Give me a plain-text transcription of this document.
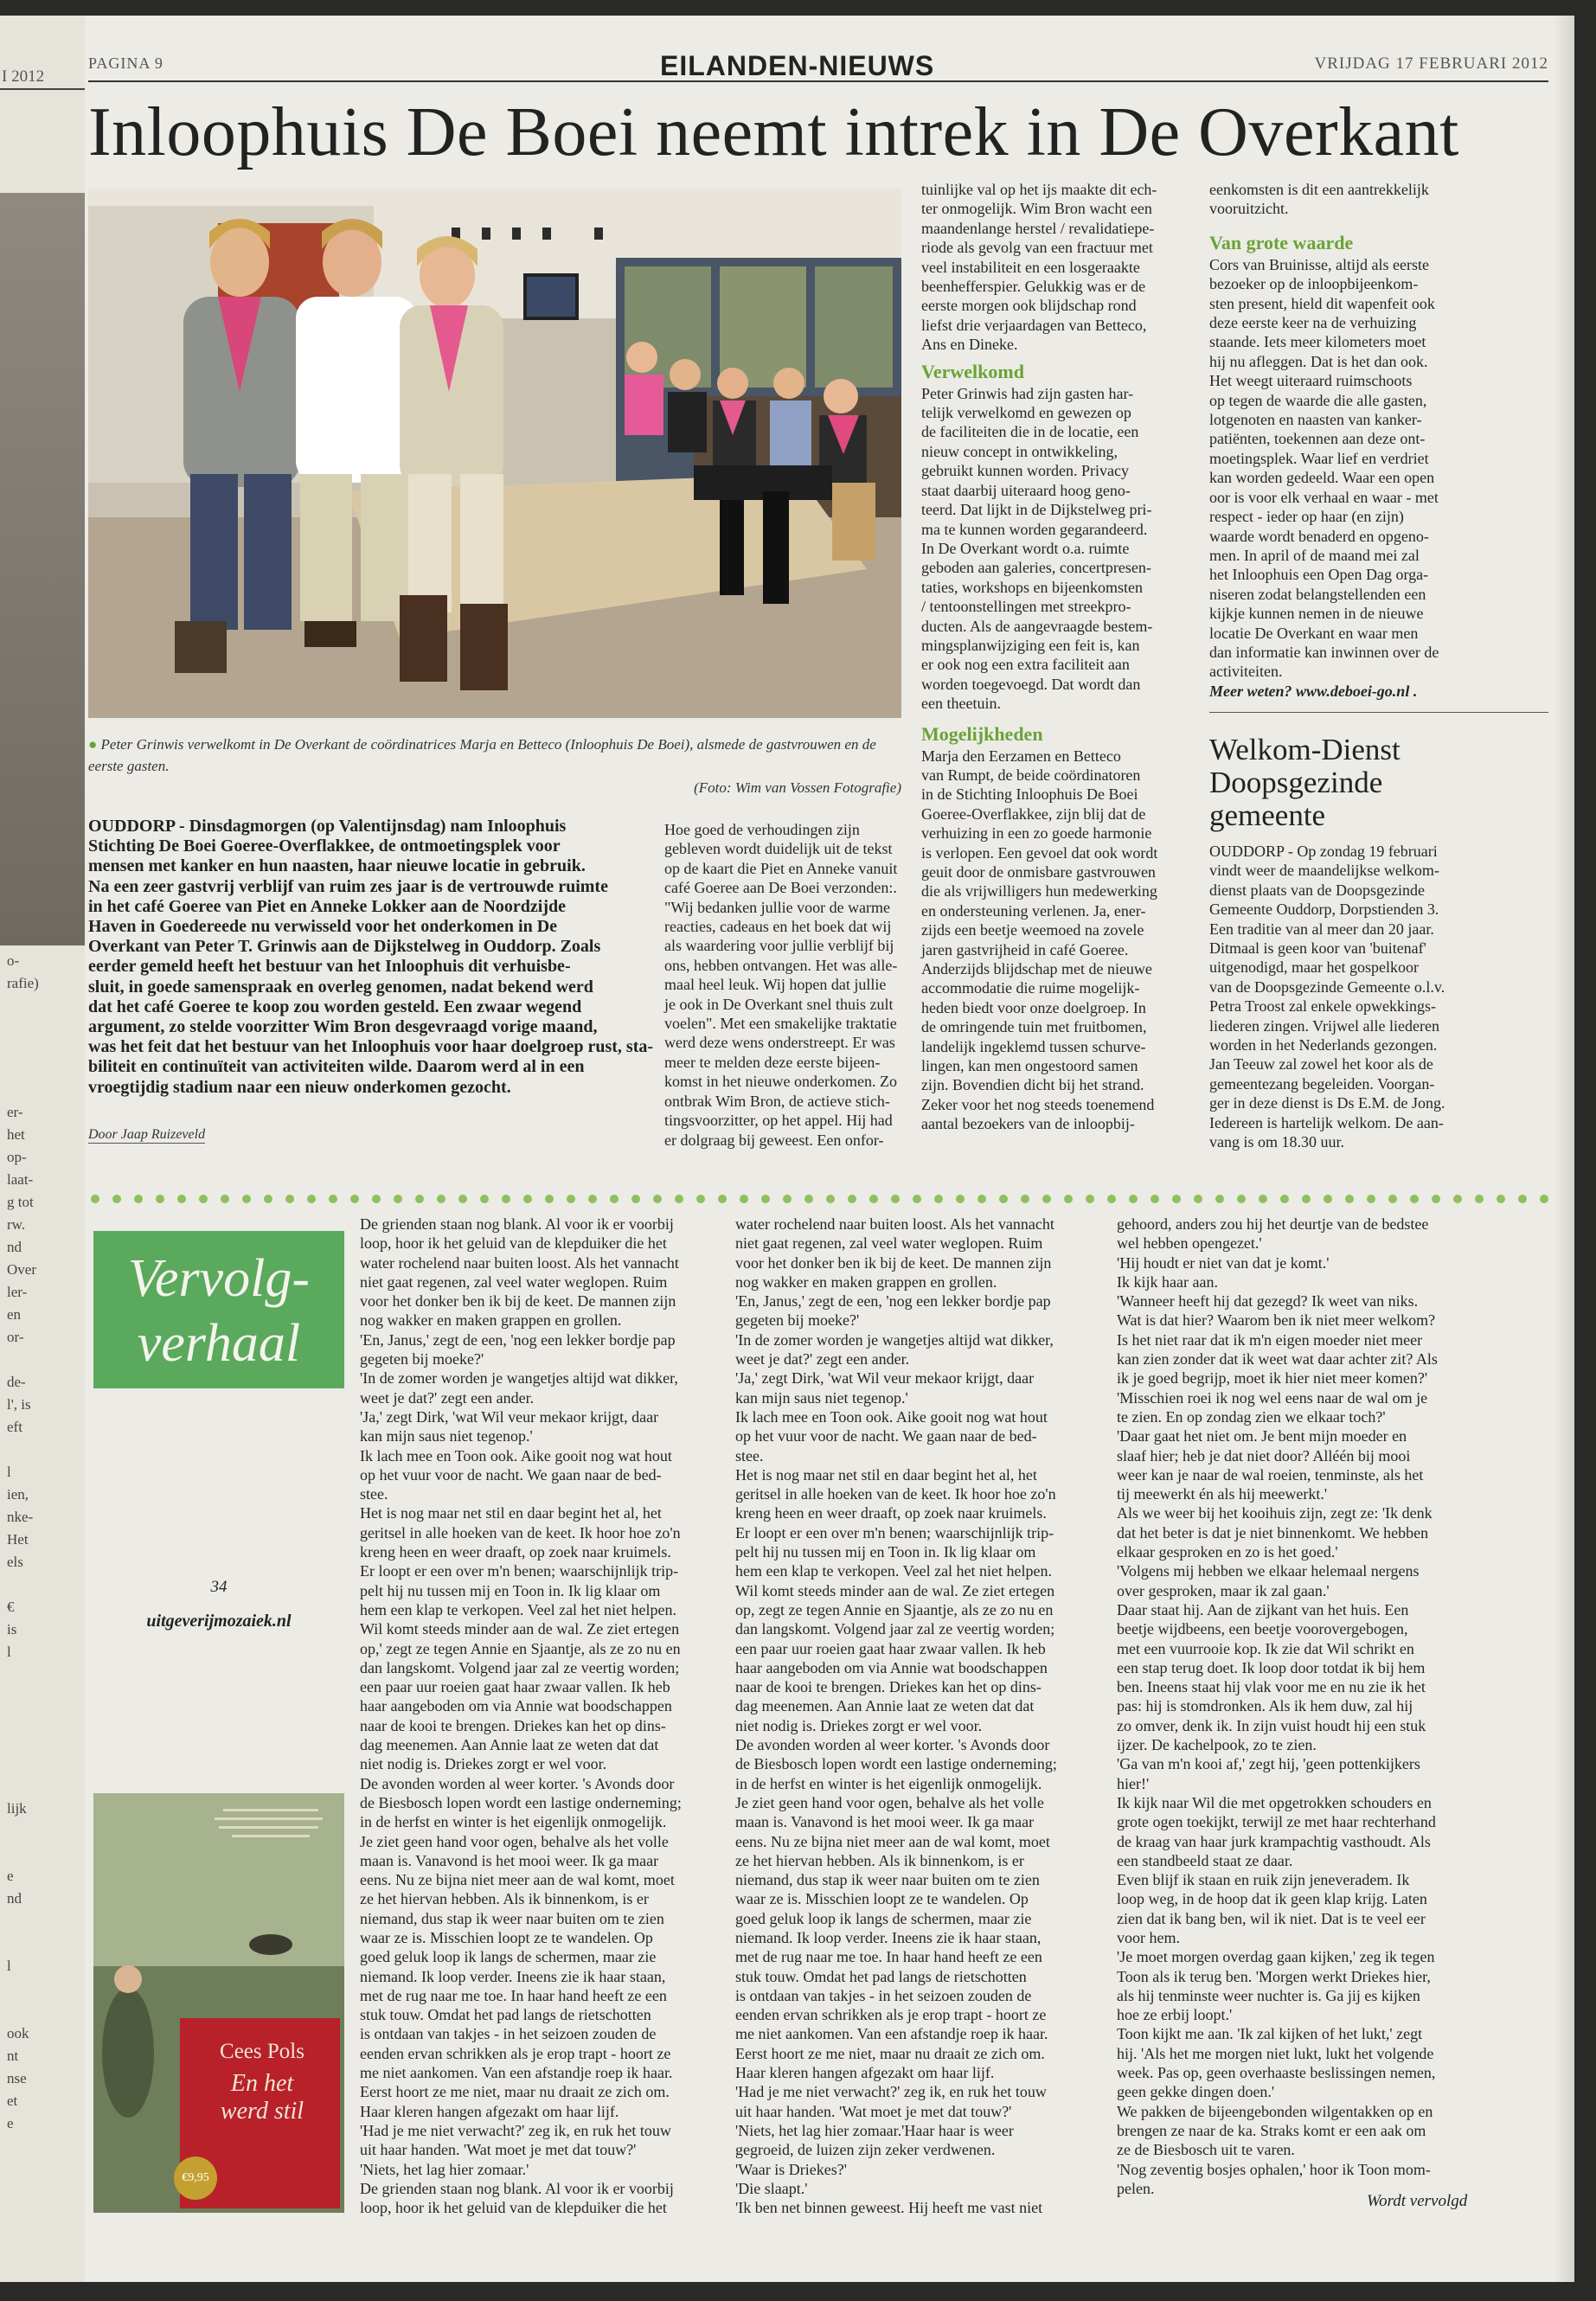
I 2012
o-
rafie)
er-
het
op-
laat-
g tot
rw.
nd
Over
ler-
en
or-

de-
l', is
eft

l
ien,
nke-
Het
els

€
is
l
lijk

e
nd

l

ook
nt
nse
et
e
PAGINA 9	EILANDEN-NIEUWS	VRIJDAG 17 FEBRUARI 2012
Inloophuis De Boei neemt intrek in De Overkant
● Peter Grinwis verwelkomt in De Overkant de coördinatrices Marja en Betteco (Inloophuis De Boei), alsmede de gastvrouwen en de eerste gasten.
(Foto: Wim van Vossen Fotografie)
OUDDORP - Dinsdagmorgen (op Valentijnsdag) nam Inloophuis
Stichting De Boei Goeree-Overflakkee, de ontmoetingsplek voor
mensen met kanker en hun naasten, haar nieuwe locatie in gebruik.
Na een zeer gastvrij verblijf van ruim zes jaar is de vertrouwde ruimte
in het café Goeree van Piet en Anneke Lokker aan de Noordzijde
Haven in Goedereede nu verwisseld voor het onderkomen in De
Overkant van Peter T. Grinwis aan de Dijkstelweg in Ouddorp. Zoals
eerder gemeld heeft het bestuur van het Inloophuis dit verhuisbe-
sluit, in goede samenspraak en overleg genomen, nadat bekend werd
dat het café Goeree te koop zou worden gesteld. Een zwaar wegend
argument, zo stelde voorzitter Wim Bron desgevraagd vorige maand,
was het feit dat het bestuur van het Inloophuis voor haar doelgroep rust, sta-
biliteit en continuïteit van activiteiten wilde. Daarom werd al in een
vroegtijdig stadium naar een nieuw onderkomen gezocht.
Door Jaap Ruizeveld
Hoe goed de verhoudingen zijn
gebleven wordt duidelijk uit de tekst
op de kaart die Piet en Anneke vanuit
café Goeree aan De Boei verzonden:.
"Wij bedanken jullie voor de warme
reacties, cadeaus en het boek dat wij
als waardering voor jullie verblijf bij
ons, hebben ontvangen. Het was alle-
maal heel leuk. Wij hopen dat jullie
je ook in De Overkant snel thuis zult
voelen". Met een smakelijke traktatie
werd deze wens onderstreept. Er was
meer te melden deze eerste bijeen-
komst in het nieuwe onderkomen. Zo
ontbrak Wim Bron, de actieve stich-
tingsvoorzitter, op het appel. Hij had
er dolgraag bij geweest. Een onfor-
tuinlijke val op het ijs maakte dit ech-
ter onmogelijk. Wim Bron wacht een
maandenlange herstel / revalidatiepe-
riode als gevolg van een fractuur met
veel instabiliteit en een losgeraakte
beenhefferspier. Gelukkig was er de
eerste morgen ook blijdschap rond
liefst drie verjaardagen van Betteco,
Ans en Dineke.
Verwelkomd
Peter Grinwis had zijn gasten har-
telijk verwelkomd en gewezen op
de faciliteiten die in de locatie, een
nieuw concept in ontwikkeling,
gebruikt kunnen worden. Privacy
staat daarbij uiteraard hoog geno-
teerd. Dat lijkt in de Dijkstelweg pri-
ma te kunnen worden gegarandeerd.
In De Overkant wordt o.a. ruimte
geboden aan galeries, concertpresen-
taties, workshops en bijeenkomsten
/ tentoonstellingen met streekpro-
ducten. Als de aangevraagde bestem-
mingsplanwijziging een feit is, kan
er ook nog een extra faciliteit aan
worden toegevoegd. Dat wordt dan
een theetuin.
Mogelijkheden
Marja den Eerzamen en Betteco
van Rumpt, de beide coördinatoren
in de Stichting Inloophuis De Boei
Goeree-Overflakkee, zijn blij dat de
verhuizing in een zo goede harmonie
is verlopen. Een gevoel dat ook wordt
geuit door de onmisbare gastvrouwen
die als vrijwilligers hun medewerking
en ondersteuning verlenen. Ja, ener-
zijds een beetje weemoed na zovele
jaren gastvrijheid in café Goeree.
Anderzijds blijdschap met de nieuwe
accommodatie die ruime mogelijk-
heden biedt voor onze doelgroep. In
de omringende tuin met fruitbomen,
landelijk ingeklemd tussen schurve-
lingen, kan men ongestoord samen
zijn. Bovendien dicht bij het strand.
Zeker voor het nog steeds toenemend
aantal bezoekers van de inloopbij-
eenkomsten is dit een aantrekkelijk
vooruitzicht.
Van grote waarde
Cors van Bruinisse, altijd als eerste
bezoeker op de inloopbijeenkom-
sten present, hield dit wapenfeit ook
deze eerste keer na de verhuizing
staande. Iets meer kilometers moet
hij nu afleggen. Dat is het dan ook.
Het weegt uiteraard ruimschoots
op tegen de waarde die alle gasten,
lotgenoten en naasten van kanker-
patiënten, toekennen aan deze ont-
moetingsplek. Waar lief en verdriet
kan worden gedeeld. Waar een open
oor is voor elk verhaal en waar - met
respect - ieder op haar (en zijn)
waarde wordt benaderd en opgeno-
men. In april of de maand mei zal
het Inloophuis een Open Dag orga-
niseren zodat belangstellenden een
kijkje kunnen nemen in de nieuwe
locatie De Overkant en waar men
dan informatie kan inwinnen over de
activiteiten.
Meer weten? www.deboei-go.nl .
Welkom-Dienst
Doopsgezinde
gemeente
OUDDORP - Op zondag 19 februari
vindt weer de maandelijkse welkom-
dienst plaats van de Doopsgezinde
Gemeente Ouddorp, Dorpstienden 3.
Een traditie van al meer dan 20 jaar.
Ditmaal is geen koor van 'buitenaf'
uitgenodigd, maar het gospelkoor
van de Doopsgezinde Gemeente o.l.v.
Petra Troost zal enkele opwekkings-
liederen zingen. Vrijwel alle liederen
worden in het Nederlands gezongen.
Jan Teeuw zal zowel het koor als de
gemeentezang begeleiden. Voorgan-
ger in deze dienst is Ds E.M. de Jong.
Iedereen is hartelijk welkom. De aan-
vang is om 18.30 uur.
Vervolg-
verhaal
34
uitgeverijmozaiek.nl
Cees Pols
En het
werd stil
€9,95
De grienden staan nog blank. Al voor ik er voorbij
loop, hoor ik het geluid van de klepduiker die het
water rochelend naar buiten loost. Als het vannacht
niet gaat regenen, zal veel water weglopen. Ruim
voor het donker ben ik bij de keet. De mannen zijn
nog wakker en maken grappen en grollen.
'En, Janus,' zegt de een, 'nog een lekker bordje pap
gegeten bij moeke?'
'In de zomer worden je wangetjes altijd wat dikker,
weet je dat?' zegt een ander.
'Ja,' zegt Dirk, 'wat Wil veur mekaor krijgt, daar
kan mijn saus niet tegenop.'
Ik lach mee en Toon ook. Aike gooit nog wat hout
op het vuur voor de nacht. We gaan naar de bed-
stee.
Het is nog maar net stil en daar begint het al, het
geritsel in alle hoeken van de keet. Ik hoor hoe zo'n
kreng heen en weer draaft, op zoek naar kruimels.
Er loopt er een over m'n benen; waarschijnlijk trip-
pelt hij nu tussen mij en Toon in. Ik lig klaar om
hem een klap te verkopen. Veel zal het niet helpen.
Wil komt steeds minder aan de wal. Ze ziet ertegen
op,' zegt ze tegen Annie en Sjaantje, als ze zo nu en
dan langskomt. Volgend jaar zal ze veertig worden;
een paar uur roeien gaat haar zwaar vallen. Ik heb
haar aangeboden om via Annie wat boodschappen
naar de kooi te brengen. Driekes kan het op dins-
dag meenemen. Aan Annie laat ze weten dat dat
niet nodig is. Driekes zorgt er wel voor.
De avonden worden al weer korter. 's Avonds door
de Biesbosch lopen wordt een lastige onderneming;
in de herfst en winter is het eigenlijk onmogelijk.
Je ziet geen hand voor ogen, behalve als het volle
maan is. Vanavond is het mooi weer. Ik ga maar
eens. Nu ze bijna niet meer aan de wal komt, moet
ze het hiervan hebben. Als ik binnenkom, is er
niemand, dus stap ik weer naar buiten om te zien
waar ze is. Misschien loopt ze te wandelen. Op
goed geluk loop ik langs de schermen, maar zie
niemand. Ik loop verder. Ineens zie ik haar staan,
met de rug naar me toe. In haar hand heeft ze een
stuk touw. Omdat het pad langs de rietschotten
is ontdaan van takjes - in het seizoen zouden de
eenden ervan schrikken als je erop trapt - hoort ze
me niet aankomen. Van een afstandje roep ik haar.
Eerst hoort ze me niet, maar nu draait ze zich om.
Haar kleren hangen afgezakt om haar lijf.
'Had je me niet verwacht?' zeg ik, en ruk het touw
uit haar handen. 'Wat moet je met dat touw?'
'Niets, het lag hier zomaar.'
De grienden staan nog blank. Al voor ik er voorbij
loop, hoor ik het geluid van de klepduiker die het
water rochelend naar buiten loost. Als het vannacht
niet gaat regenen, zal veel water weglopen. Ruim
voor het donker ben ik bij de keet. De mannen zijn
nog wakker en maken grappen en grollen.
'En, Janus,' zegt de een, 'nog een lekker bordje pap
gegeten bij moeke?'
'In de zomer worden je wangetjes altijd wat dikker,
weet je dat?' zegt een ander.
'Ja,' zegt Dirk, 'wat Wil veur mekaor krijgt, daar
kan mijn saus niet tegenop.'
Ik lach mee en Toon ook. Aike gooit nog wat hout
op het vuur voor de nacht. We gaan naar de bed-
stee.
Het is nog maar net stil en daar begint het al, het
geritsel in alle hoeken van de keet. Ik hoor hoe zo'n
kreng heen en weer draaft, op zoek naar kruimels.
Er loopt er een over m'n benen; waarschijnlijk trip-
pelt hij nu tussen mij en Toon in. Ik lig klaar om
hem een klap te verkopen. Veel zal het niet helpen.
Wil komt steeds minder aan de wal. Ze ziet ertegen
op, zegt ze tegen Annie en Sjaantje, als ze zo nu en
dan langskomt. Volgend jaar zal ze veertig worden;
een paar uur roeien gaat haar zwaar vallen. Ik heb
haar aangeboden om via Annie wat boodschappen
naar de kooi te brengen. Driekes kan het op dins-
dag meenemen. Aan Annie laat ze weten dat dat
niet nodig is. Driekes zorgt er wel voor.
De avonden worden al weer korter. 's Avonds door
de Biesbosch lopen wordt een lastige onderneming;
in de herfst en winter is het eigenlijk onmogelijk.
Je ziet geen hand voor ogen, behalve als het volle
maan is. Vanavond is het mooi weer. Ik ga maar
eens. Nu ze bijna niet meer aan de wal komt, moet
ze het hiervan hebben. Als ik binnenkom, is er
niemand, dus stap ik weer naar buiten om te zien
waar ze is. Misschien loopt ze te wandelen. Op
goed geluk loop ik langs de schermen, maar zie
niemand. Ik loop verder. Ineens zie ik haar staan,
met de rug naar me toe. In haar hand heeft ze een
stuk touw. Omdat het pad langs de rietschotten
is ontdaan van takjes - in het seizoen zouden de
eenden ervan schrikken als je erop trapt - hoort ze
me niet aankomen. Van een afstandje roep ik haar.
Eerst hoort ze me niet, maar nu draait ze zich om.
Haar kleren hangen afgezakt om haar lijf.
'Had je me niet verwacht?' zeg ik, en ruk het touw
uit haar handen. 'Wat moet je met dat touw?'
'Niets, het lag hier zomaar.'Haar haar is weer
gegroeid, de luizen zijn zeker verdwenen.
'Waar is Driekes?'
'Die slaapt.'
'Ik ben net binnen geweest. Hij heeft me vast niet
gehoord, anders zou hij het deurtje van de bedstee
wel hebben opengezet.'
'Hij houdt er niet van dat je komt.'
Ik kijk haar aan.
'Wanneer heeft hij dat gezegd? Ik weet van niks.
Wat is dat hier? Waarom ben ik niet meer welkom?
Is het niet raar dat ik m'n eigen moeder niet meer
kan zien zonder dat ik weet wat daar achter zit? Als
ik je goed begrijp, moet ik hier niet meer komen?'
'Misschien roei ik nog wel eens naar de wal om je
te zien. En op zondag zien we elkaar toch?'
'Daar gaat het niet om. Je bent mijn moeder en
slaaf hier; heb je dat niet door? Alléén bij mooi
weer kan je naar de wal roeien, tenminste, als het
tij meewerkt én als hij meewerkt.'
Als we weer bij het kooihuis zijn, zegt ze: 'Ik denk
dat het beter is dat je niet binnenkomt. We hebben
elkaar gesproken en zo is het goed.'
'Volgens mij hebben we elkaar helemaal nergens
over gesproken, maar ik zal gaan.'
Daar staat hij. Aan de zijkant van het huis. Een
beetje wijdbeens, een beetje voorovergebogen,
met een vuurrooie kop. Ik zie dat Wil schrikt en
een stap terug doet. Ik loop door totdat ik bij hem
ben. Ineens staat hij vlak voor me en nu zie ik het
pas: hij is stomdronken. Als ik hem duw, zal hij
zo omver, denk ik. In zijn vuist houdt hij een stuk
ijzer. De kachelpook, zo te zien.
'Ga van m'n kooi af,' zegt hij, 'geen pottenkijkers
hier!'
Ik kijk naar Wil die met opgetrokken schouders en
grote ogen toekijkt, terwijl ze met haar rechterhand
de kraag van haar jurk krampachtig vasthoudt. Als
een standbeeld staat ze daar.
Even blijf ik staan en ruik zijn jeneveradem. Ik
loop weg, in de hoop dat ik geen klap krijg. Laten
zien dat ik bang ben, wil ik niet. Dat is te veel eer
voor hem.
'Je moet morgen overdag gaan kijken,' zeg ik tegen
Toon als ik terug ben. 'Morgen werkt Driekes hier,
als hij tenminste weer nuchter is. Ga jij es kijken
hoe ze erbij loopt.'
Toon kijkt me aan. 'Ik zal kijken of het lukt,' zegt
hij. 'Als het me morgen niet lukt, lukt het volgende
week. Pas op, geen overhaaste beslissingen nemen,
geen gekke dingen doen.'
We pakken de bijeengebonden wilgentakken op en
brengen ze naar de ka. Straks komt er een aak om
ze de Biesbosch uit te varen.
'Nog zeventig bosjes ophalen,' hoor ik Toon mom-
pelen.
Wordt vervolgd
